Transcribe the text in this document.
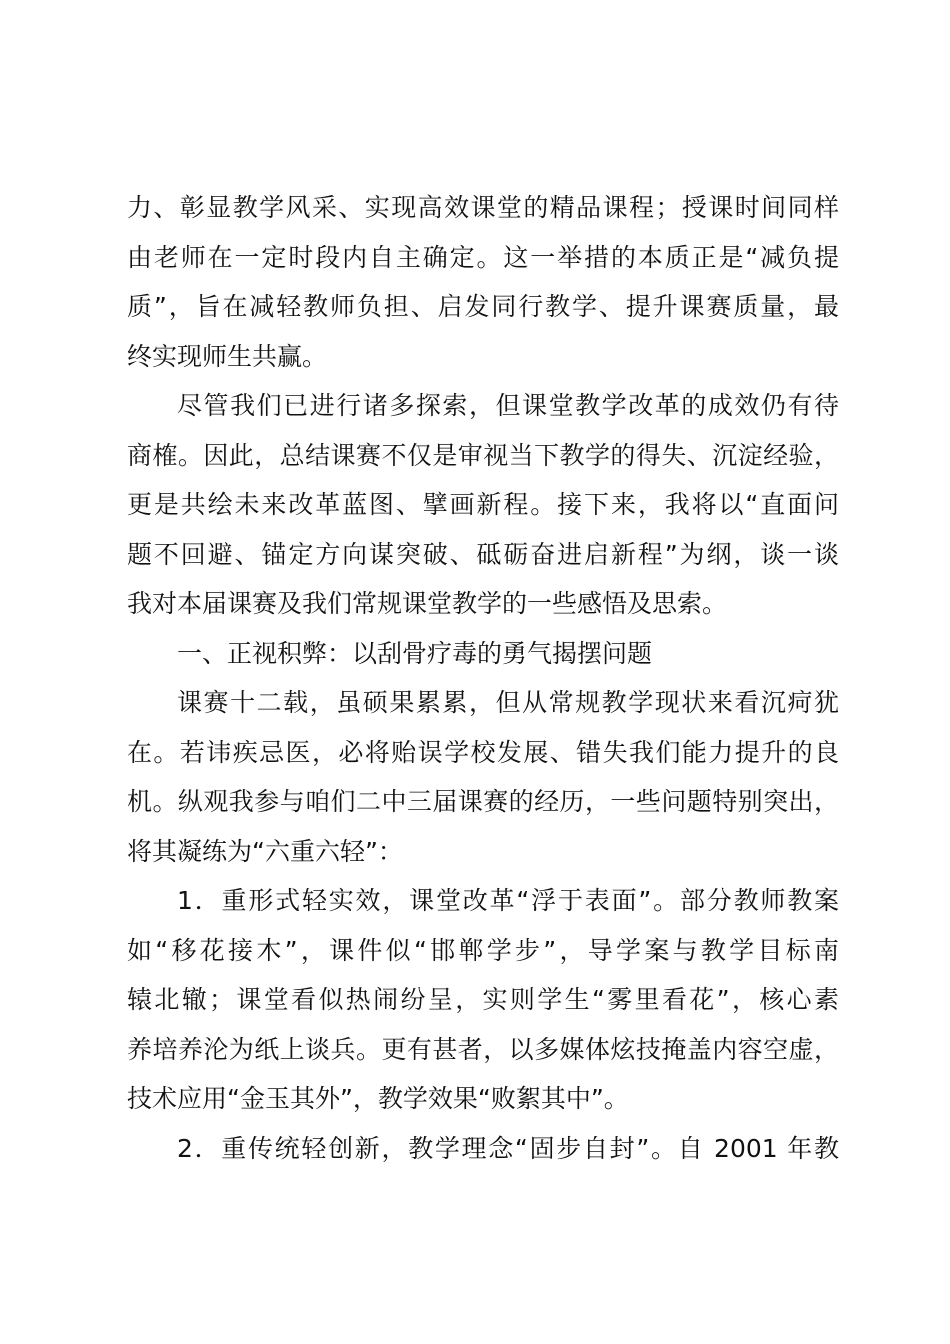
力、彰显教学风采、实现高效课堂的精品课程；授课时间同样
由老师在一定时段内自主确定。这一举措的本质正是“减负提
质”，旨在减轻教师负担、启发同行教学、提升课赛质量，最
终实现师生共赢。
尽管我们已进行诸多探索，但课堂教学改革的成效仍有待
商榷。因此，总结课赛不仅是审视当下教学的得失、沉淀经验，
更是共绘未来改革蓝图、擘画新程。接下来，我将以“直面问
题不回避、锚定方向谋突破、砥砺奋进启新程”为纲，谈一谈
我对本届课赛及我们常规课堂教学的一些感悟及思索。
一、正视积弊：以刮骨疗毒的勇气揭摆问题
课赛十二载，虽硕果累累，但从常规教学现状来看沉疴犹
在。若讳疾忌医，必将贻误学校发展、错失我们能力提升的良
机。纵观我参与咱们二中三届课赛的经历，一些问题特别突出，
将其凝练为“六重六轻”：
1．重形式轻实效，课堂改革“浮于表面”。部分教师教案
如“移花接木”，课件似“邯郸学步”，导学案与教学目标南
辕北辙；课堂看似热闹纷呈，实则学生“雾里看花”，核心素
养培养沦为纸上谈兵。更有甚者，以多媒体炫技掩盖内容空虚，
技术应用“金玉其外”，教学效果“败絮其中”。
2．重传统轻创新，教学理念“固步自封”。自 2001 年教
